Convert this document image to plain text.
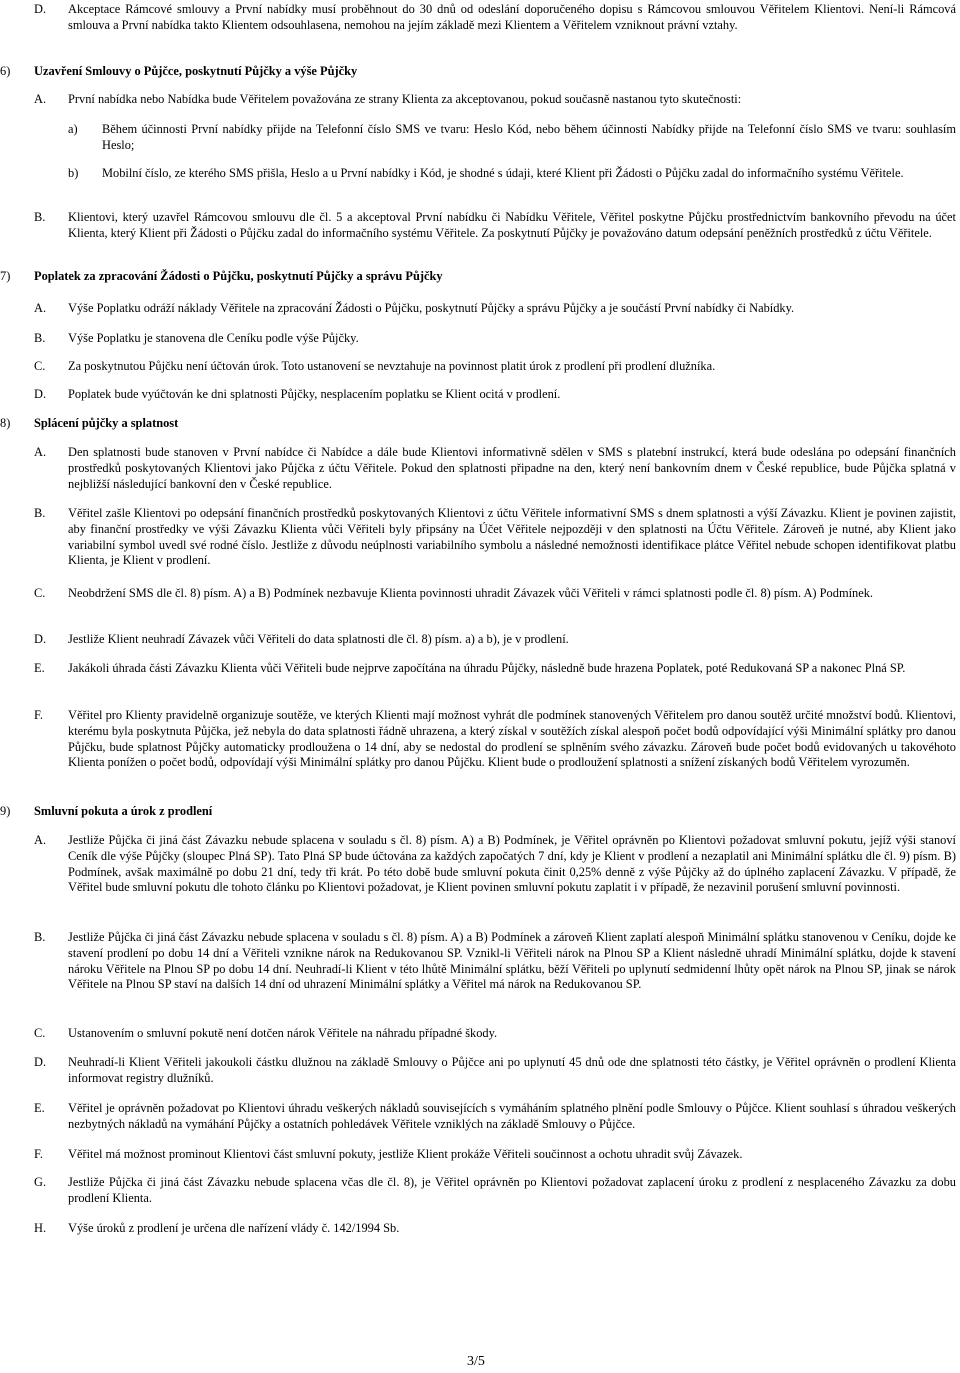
D. Akceptace Rámcové smlouvy a První nabídky musí proběhnout do 30 dnů od odeslání doporučeného dopisu s Rámcovou smlouvou Věřitelem Klientovi. Není-li Rámcová smlouva a První nabídka takto Klientem odsouhlasena, nemohou na jejím základě mezi Klientem a Věřitelem vzniknout právní vztahy.
6) Uzavření Smlouvy o Půjčce, poskytnutí Půjčky a výše Půjčky
A. První nabídka nebo Nabídka bude Věřitelem považována ze strany Klienta za akceptovanou, pokud současně nastanou tyto skutečnosti:
a) Během účinnosti První nabídky přijde na Telefonní číslo SMS ve tvaru: Heslo Kód, nebo během účinnosti Nabídky přijde na Telefonní číslo SMS ve tvaru: souhlasím Heslo;
b) Mobilní číslo, ze kterého SMS přišla, Heslo a u První nabídky i Kód, je shodné s údaji, které Klient při Žádosti o Půjčku zadal do informačního systému Věřitele.
B. Klientovi, který uzavřel Rámcovou smlouvu dle čl. 5 a akceptoval První nabídku či Nabídku Věřitele, Věřitel poskytne Půjčku prostřednictvím bankovního převodu na účet Klienta, který Klient při Žádosti o Půjčku zadal do informačního systému Věřitele. Za poskytnutí Půjčky je považováno datum odepsání peněžních prostředků z účtu Věřitele.
7) Poplatek za zpracování Žádosti o Půjčku, poskytnutí Půjčky a správu Půjčky
A. Výše Poplatku odráží náklady Věřitele na zpracování Žádosti o Půjčku, poskytnutí Půjčky a správu Půjčky a je součástí První nabídky či Nabídky.
B. Výše Poplatku je stanovena dle Ceníku podle výše Půjčky.
C. Za poskytnutou Půjčku není účtován úrok. Toto ustanovení se nevztahuje na povinnost platit úrok z prodlení při prodlení dlužníka.
D. Poplatek bude vyúčtován ke dni splatnosti Půjčky, nesplacením poplatku se Klient ocitá v prodlení.
8) Splácení půjčky a splatnost
A. Den splatnosti bude stanoven v První nabídce či Nabídce a dále bude Klientovi informativně sdělen v SMS s platební instrukcí, která bude odeslána po odepsání finančních prostředků poskytovaných Klientovi jako Půjčka z účtu Věřitele. Pokud den splatnosti připadne na den, který není bankovním dnem v České republice, bude Půjčka splatná v nejbližší následující bankovní den v České republice.
B. Věřitel zašle Klientovi po odepsání finančních prostředků poskytovaných Klientovi z účtu Věřitele informativní SMS s dnem splatnosti a výší Závazku. Klient je povinen zajistit, aby finanční prostředky ve výši Závazku Klienta vůči Věřiteli byly připsány na Účet Věřitele nejpozději v den splatnosti na Účtu Věřitele. Zároveň je nutné, aby Klient jako variabilní symbol uvedl své rodné číslo. Jestliže z důvodu neúplnosti variabilního symbolu a následné nemožnosti identifikace plátce Věřitel nebude schopen identifikovat platbu Klienta, je Klient v prodlení.
C. Neobdržení SMS dle čl. 8) písm. A) a B) Podmínek nezbavuje Klienta povinnosti uhradit Závazek vůči Věřiteli v rámci splatnosti podle čl. 8) písm. A) Podmínek.
D. Jestliže Klient neuhradí Závazek vůči Věřiteli do data splatnosti dle čl. 8) písm. a) a b), je v prodlení.
E. Jakákoli úhrada části Závazku Klienta vůči Věřiteli bude nejprve započítána na úhradu Půjčky, následně bude hrazena Poplatek, poté Redukovaná SP a nakonec Plná SP.
F. Věřitel pro Klienty pravidelně organizuje soutěže, ve kterých Klienti mají možnost vyhrát dle podmínek stanovených Věřitelem pro danou soutěž určité množství bodů. Klientovi, kterému byla poskytnuta Půjčka, jež nebyla do data splatnosti řádně uhrazena, a který získal v soutěžích získal alespoň počet bodů odpovídající výši Minimální splátky pro danou Půjčku, bude splatnost Půjčky automaticky prodloužena o 14 dní, aby se nedostal do prodlení se splněním svého závazku. Zároveň bude počet bodů evidovaných u takovéhoto Klienta ponížen o počet bodů, odpovídají výši Minimální splátky pro danou Půjčku. Klient bude o prodloužení splatnosti a snížení získaných bodů Věřitelem vyrozuměn.
9) Smluvní pokuta a úrok z prodlení
A. Jestliže Půjčka či jiná část Závazku nebude splacena v souladu s čl. 8) písm. A) a B) Podmínek, je Věřitel oprávněn po Klientovi požadovat smluvní pokutu, jejíž výši stanoví Ceník dle výše Půjčky (sloupec Plná SP). Tato Plná SP bude účtována za každých započatých 7 dní, kdy je Klient v prodlení a nezaplatil ani Minimální splátku dle čl. 9) písm. B) Podmínek, avšak maximálně po dobu 21 dní, tedy tři krát. Po této době bude smluvní pokuta činit 0,25% denně z výše Půjčky až do úplného zaplacení Závazku. V případě, že Věřitel bude smluvní pokutu dle tohoto článku po Klientovi požadovat, je Klient povinen smluvní pokutu zaplatit i v případě, že nezavinil porušení smluvní povinnosti.
B. Jestliže Půjčka či jiná část Závazku nebude splacena v souladu s čl. 8) písm. A) a B) Podmínek a zároveň Klient zaplatí alespoň Minimální splátku stanovenou v Ceníku, dojde ke stavení prodlení po dobu 14 dní a Věřiteli vznikne nárok na Redukovanou SP. Vznikl-li Věřiteli nárok na Plnou SP a Klient následně uhradí Minimální splátku, dojde k stavení nároku Věřitele na Plnou SP po dobu 14 dní. Neuhradí-li Klient v této lhůtě Minimální splátku, běží Věřiteli po uplynutí sedmidenní lhůty opět nárok na Plnou SP, jinak se nárok Věřitele na Plnou SP staví na dalších 14 dní od uhrazení Minimální splátky a Věřitel má nárok na Redukovanou SP.
C. Ustanovením o smluvní pokutě není dotčen nárok Věřitele na náhradu případné škody.
D. Neuhradí-li Klient Věřiteli jakoukoli částku dlužnou na základě Smlouvy o Půjčce ani po uplynutí 45 dnů ode dne splatnosti této částky, je Věřitel oprávněn o prodlení Klienta informovat registry dlužníků.
E. Věřitel je oprávněn požadovat po Klientovi úhradu veškerých nákladů souvisejících s vymáháním splatného plnění podle Smlouvy o Půjčce. Klient souhlasí s úhradou veškerých nezbytných nákladů na vymáhání Půjčky a ostatních pohledávek Věřitele vzniklých na základě Smlouvy o Půjčce.
F. Věřitel má možnost prominout Klientovi část smluvní pokuty, jestliže Klient prokáže Věřiteli součinnost a ochotu uhradit svůj Závazek.
G. Jestliže Půjčka či jiná část Závazku nebude splacena včas dle čl. 8), je Věřitel oprávněn po Klientovi požadovat zaplacení úroku z prodlení z nesplaceného Závazku za dobu prodlení Klienta.
H. Výše úroků z prodlení je určena dle nařízení vlády č. 142/1994 Sb.
3/5
